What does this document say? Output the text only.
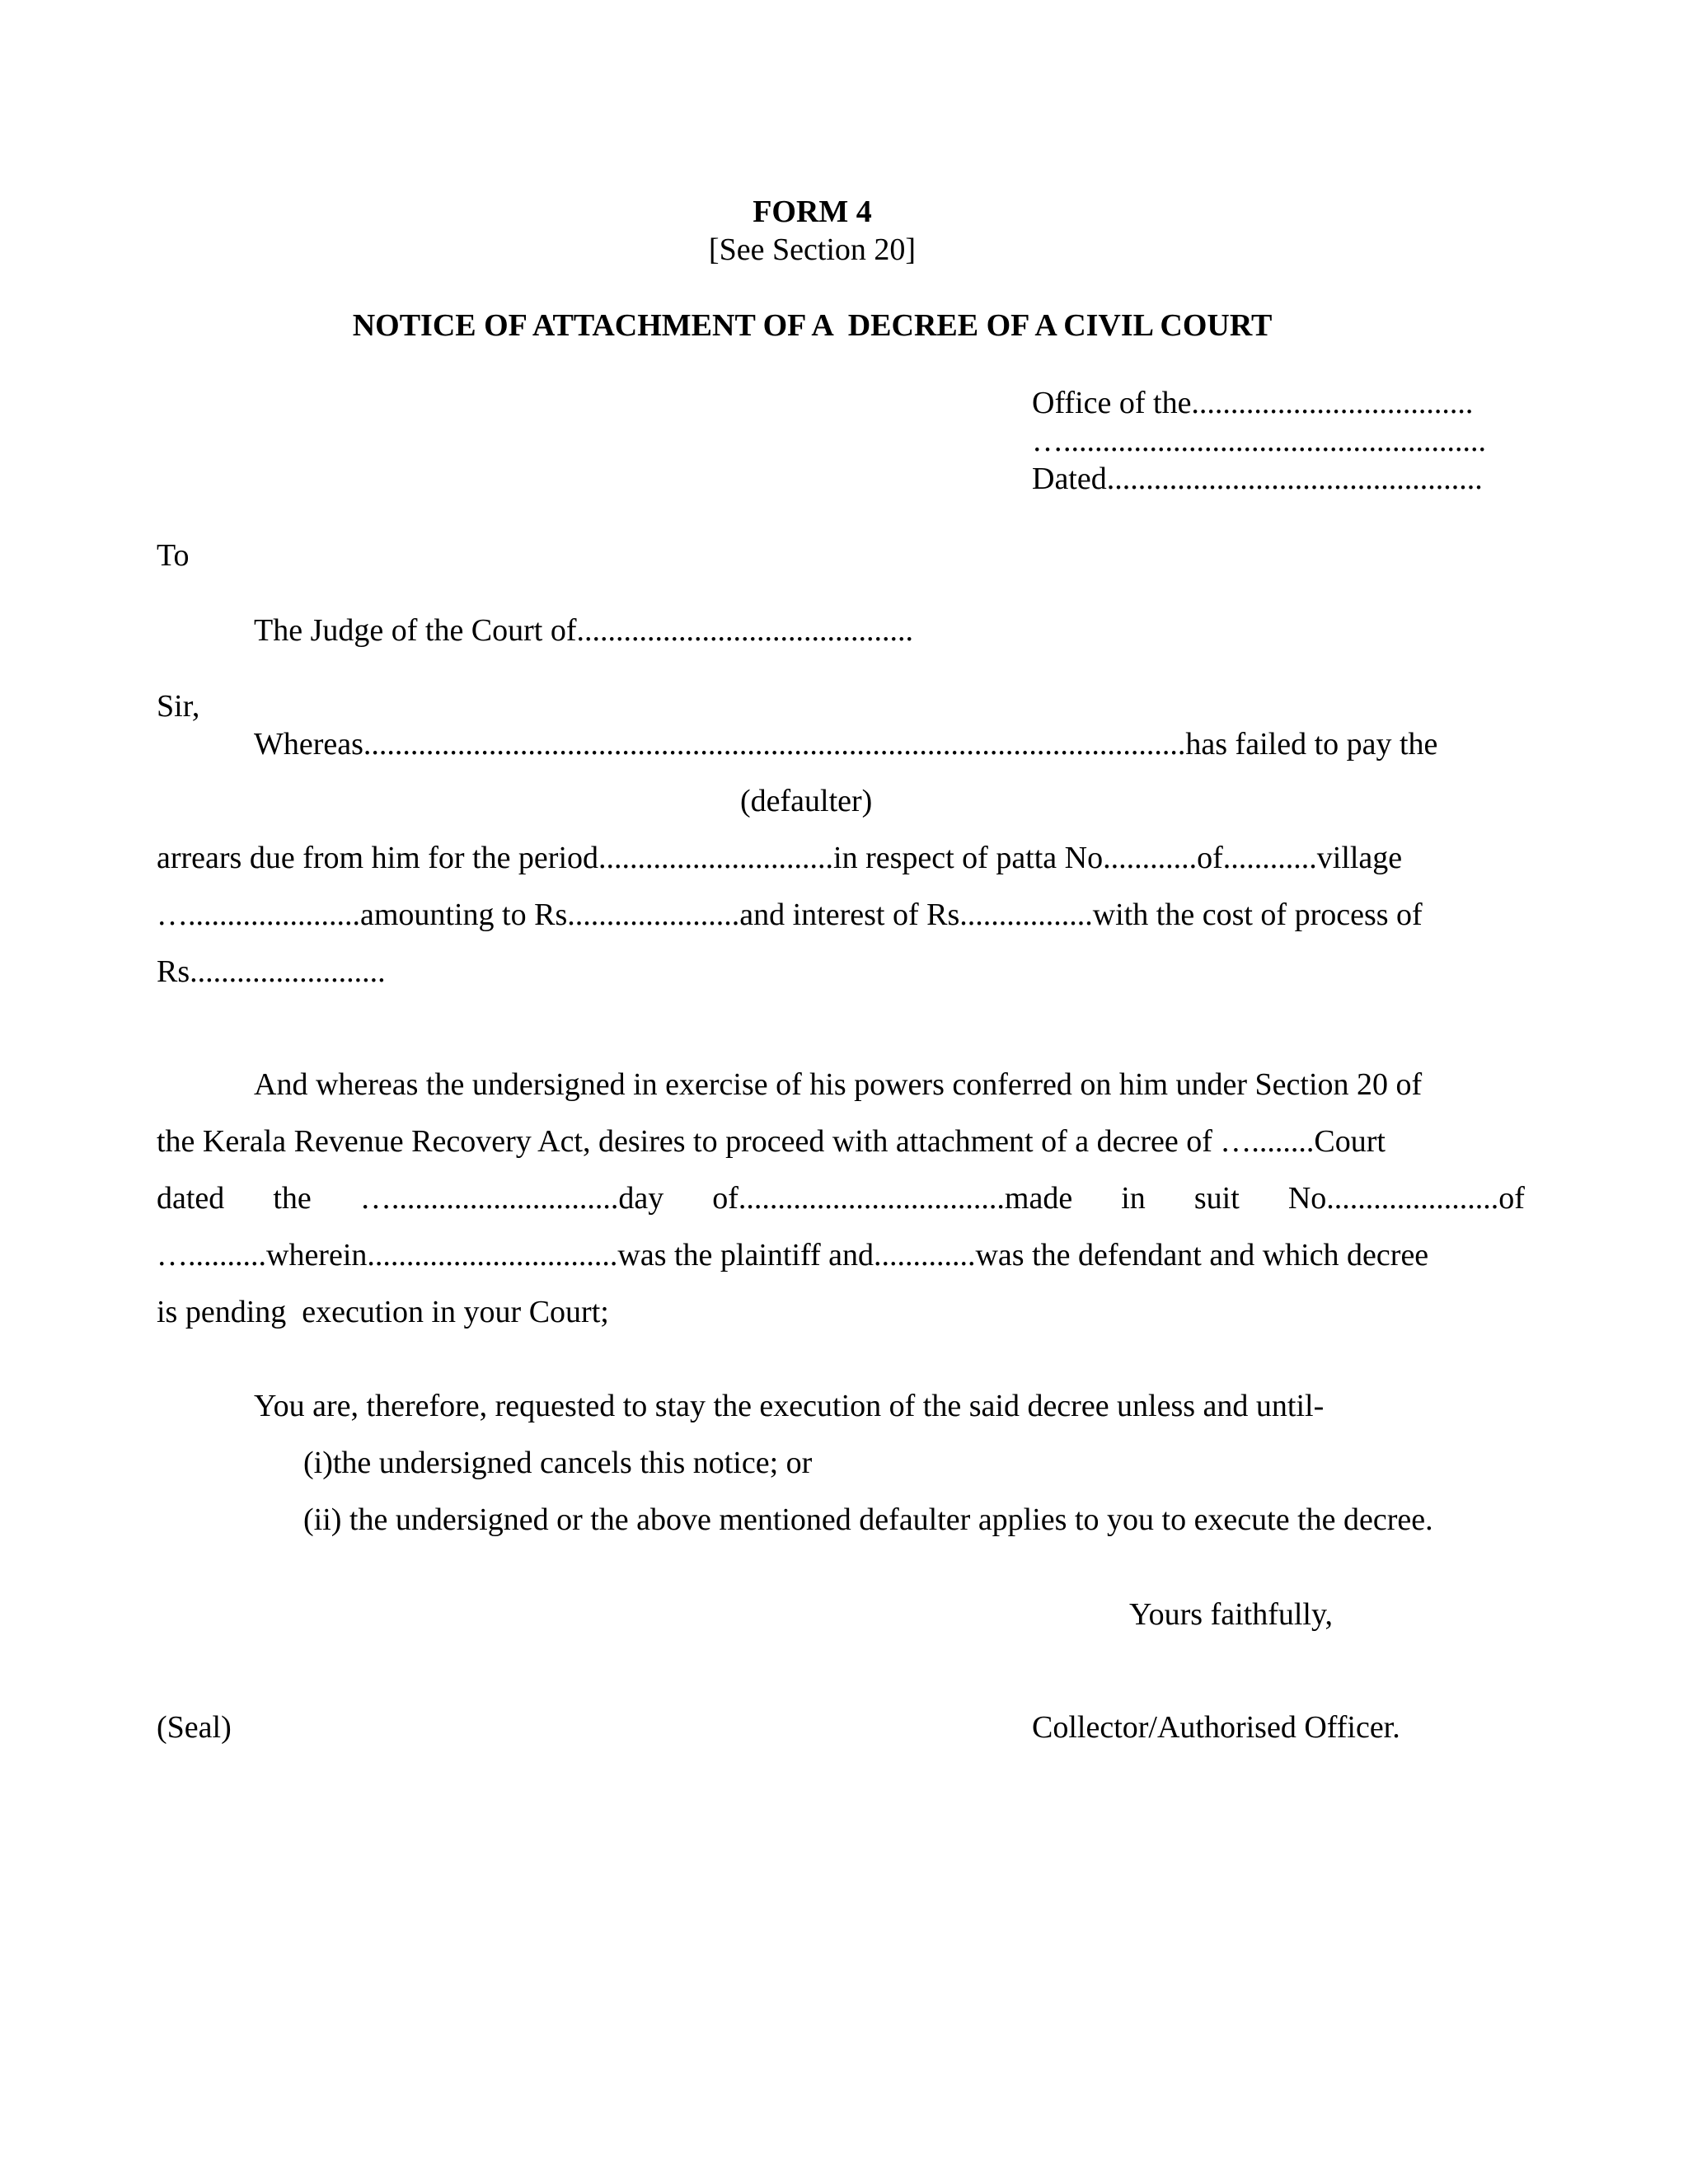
FORM 4
[See Section 20]
NOTICE OF ATTACHMENT OF A  DECREE OF A CIVIL COURT
Office of the....................................
…......................................................
Dated................................................
To
The Judge of the Court of...........................................
Sir,
Whereas.........................................................................................................has failed to pay the
(defaulter)
arrears due from him for the period..............................in respect of patta No............of............village
…......................amounting to Rs......................and interest of Rs.................with the cost of process of
Rs.........................
And whereas the undersigned in exercise of his powers conferred on him under Section 20 of
the Kerala Revenue Recovery Act, desires to proceed with attachment of a decree of …........Court
dated the ….............................day of..................................made in suit No......................of
…..........wherein................................was the plaintiff and.............was the defendant and which decree
is pending  execution in your Court;
You are, therefore, requested to stay the execution of the said decree unless and until-
(i)the undersigned cancels this notice; or
(ii) the undersigned or the above mentioned defaulter applies to you to execute the decree.
Yours faithfully,
(Seal)	Collector/Authorised Officer.
